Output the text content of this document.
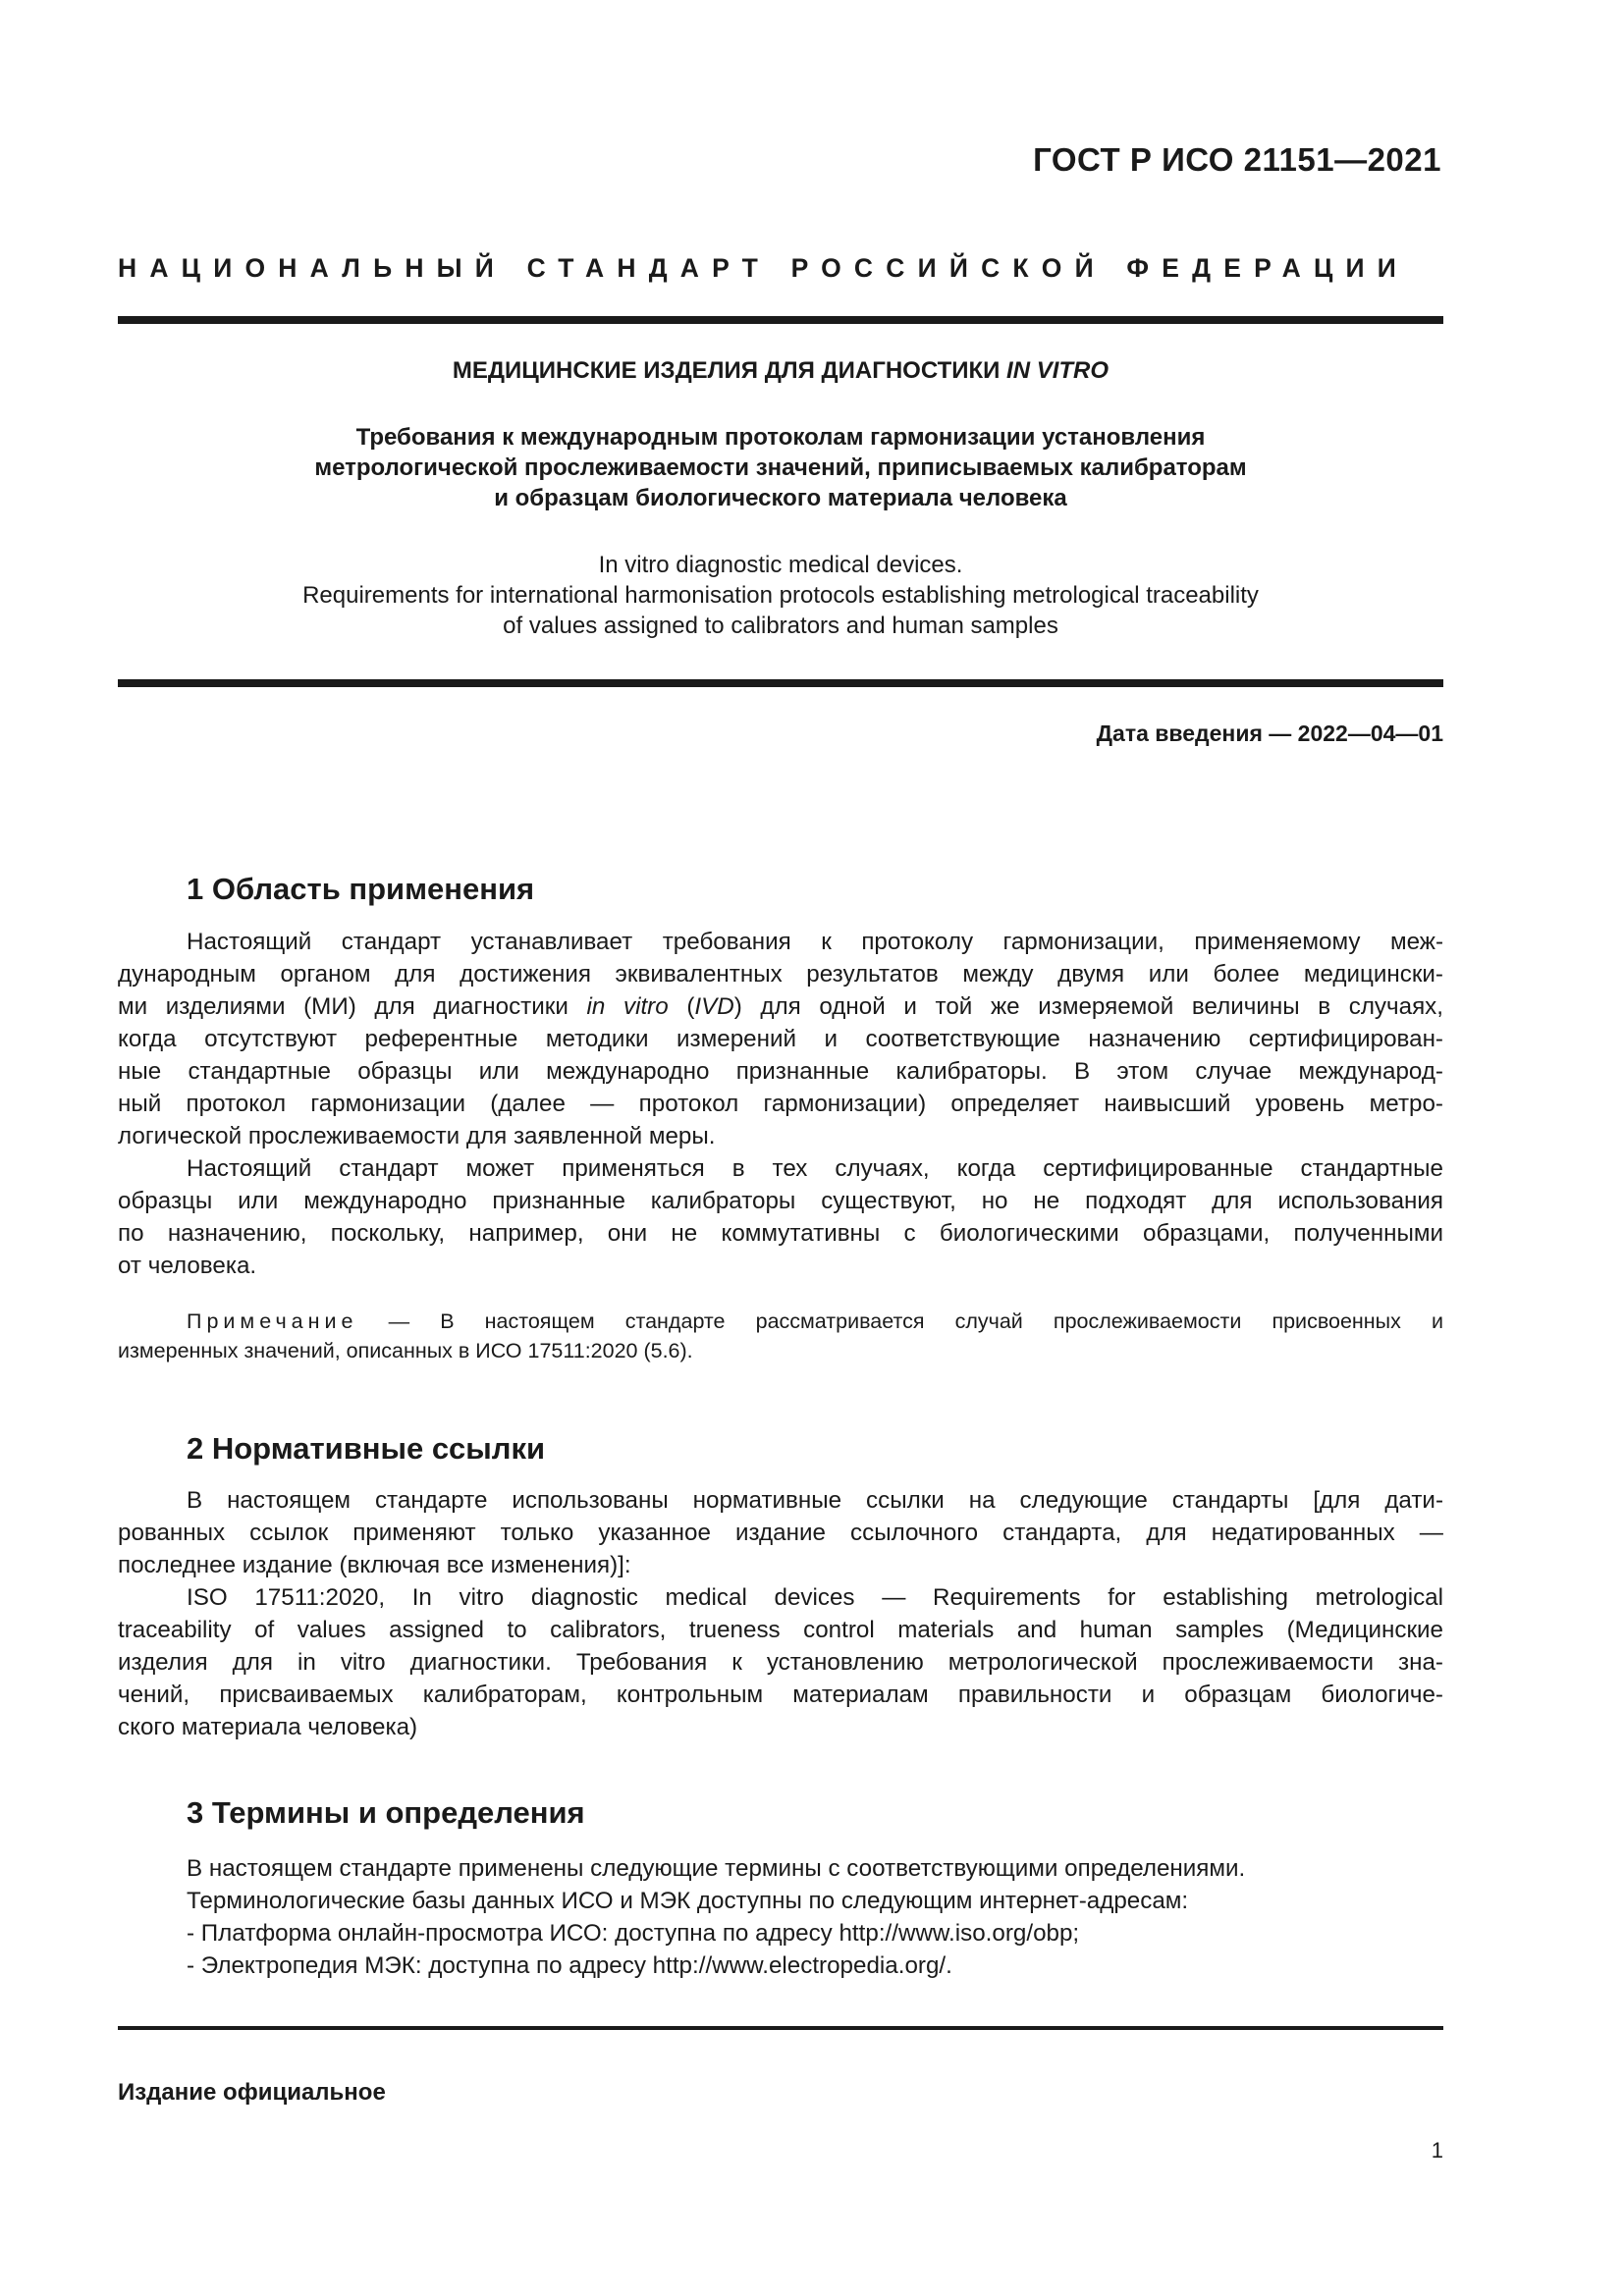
ГОСТ Р ИСО 21151—2021
НАЦИОНАЛЬНЫЙ СТАНДАРТ РОССИЙСКОЙ ФЕДЕРАЦИИ
МЕДИЦИНСКИЕ ИЗДЕЛИЯ ДЛЯ ДИАГНОСТИКИ IN VITRO
Требования к международным протоколам гармонизации установления
метрологической прослеживаемости значений, приписываемых калибраторам
и образцам биологического материала человека
In vitro diagnostic medical devices.
Requirements for international harmonisation protocols establishing metrological traceability
of values assigned to calibrators and human samples
Дата введения — 2022—04—01
1 Область применения
Настоящий стандарт устанавливает требования к протоколу гармонизации, применяемому меж-
дународным органом для достижения эквивалентных результатов между двумя или более медицински-
ми изделиями (МИ) для диагностики in vitro (IVD) для одной и той же измеряемой величины в случаях,
когда отсутствуют референтные методики измерений и соответствующие назначению сертифицирован-
ные стандартные образцы или международно признанные калибраторы. В этом случае международ-
ный протокол гармонизации (далее — протокол гармонизации) определяет наивысший уровень метро-
логической прослеживаемости для заявленной меры.
Настоящий стандарт может применяться в тех случаях, когда сертифицированные стандартные
образцы или международно признанные калибраторы существуют, но не подходят для использования
по назначению, поскольку, например, они не коммутативны с биологическими образцами, полученными
от человека.
Примечание — В настоящем стандарте рассматривается случай прослеживаемости присвоенных и
измеренных значений, описанных в ИСО 17511:2020 (5.6).
2 Нормативные ссылки
В настоящем стандарте использованы нормативные ссылки на следующие стандарты [для дати-
рованных ссылок применяют только указанное издание ссылочного стандарта, для недатированных —
последнее издание (включая все изменения)]:
ISO 17511:2020, In vitro diagnostic medical devices — Requirements for establishing metrological
traceability of values assigned to calibrators, trueness control materials and human samples (Медицинские
изделия для in vitro диагностики. Требования к установлению метрологической прослеживаемости зна-
чений, присваиваемых калибраторам, контрольным материалам правильности и образцам биологиче-
ского материала человека)
3 Термины и определения
В настоящем стандарте применены следующие термины с соответствующими определениями.
Терминологические базы данных ИСО и МЭК доступны по следующим интернет-адресам:
- Платформа онлайн-просмотра ИСО: доступна по адресу http://www.iso.org/obp;
- Электропедия МЭК: доступна по адресу http://www.electropedia.org/.
Издание официальное
1
